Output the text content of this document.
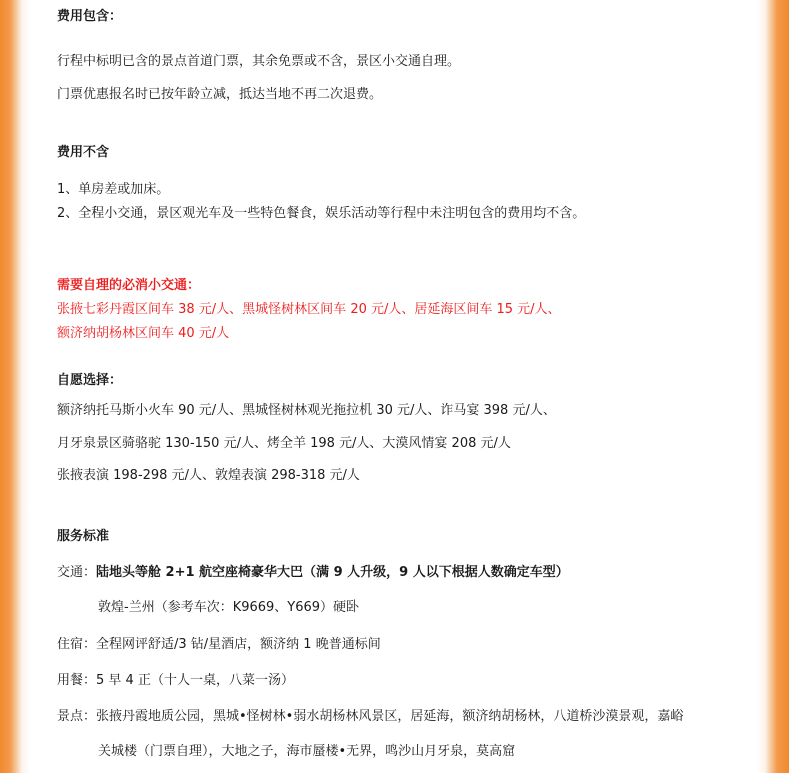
费用包含：
行程中标明已含的景点首道门票，其余免票或不含，景区小交通自理。
门票优惠报名时已按年龄立减，抵达当地不再二次退费。
费用不含
1、单房差或加床。
2、全程小交通，景区观光车及一些特色餐食，娱乐活动等行程中未注明包含的费用均不含。
需要自理的必消小交通：
张掖七彩丹霞区间车 38 元/人、黑城怪树林区间车 20 元/人、居延海区间车 15 元/人、
额济纳胡杨林区间车 40 元/人
自愿选择：
额济纳托马斯小火车 90 元/人、黑城怪树林观光拖拉机 30 元/人、诈马宴 398 元/人、
月牙泉景区骑骆驼 130-150 元/人、烤全羊 198 元/人、大漠风情宴 208 元/人
张掖表演 198-298 元/人、敦煌表演 298-318 元/人
服务标准
交通：陆地头等舱 2+1 航空座椅豪华大巴（满 9 人升级，9 人以下根据人数确定车型）
敦煌-兰州（参考车次：K9669、Y669）硬卧
住宿：全程网评舒适/3 钻/星酒店，额济纳 1 晚普通标间
用餐：5 早 4 正（十人一桌，八菜一汤）
景点：张掖丹霞地质公园，黑城•怪树林•弱水胡杨林风景区，居延海，额济纳胡杨林，八道桥沙漠景观，嘉峪
关城楼（门票自理），大地之子，海市蜃楼•无界，鸣沙山月牙泉，莫高窟
